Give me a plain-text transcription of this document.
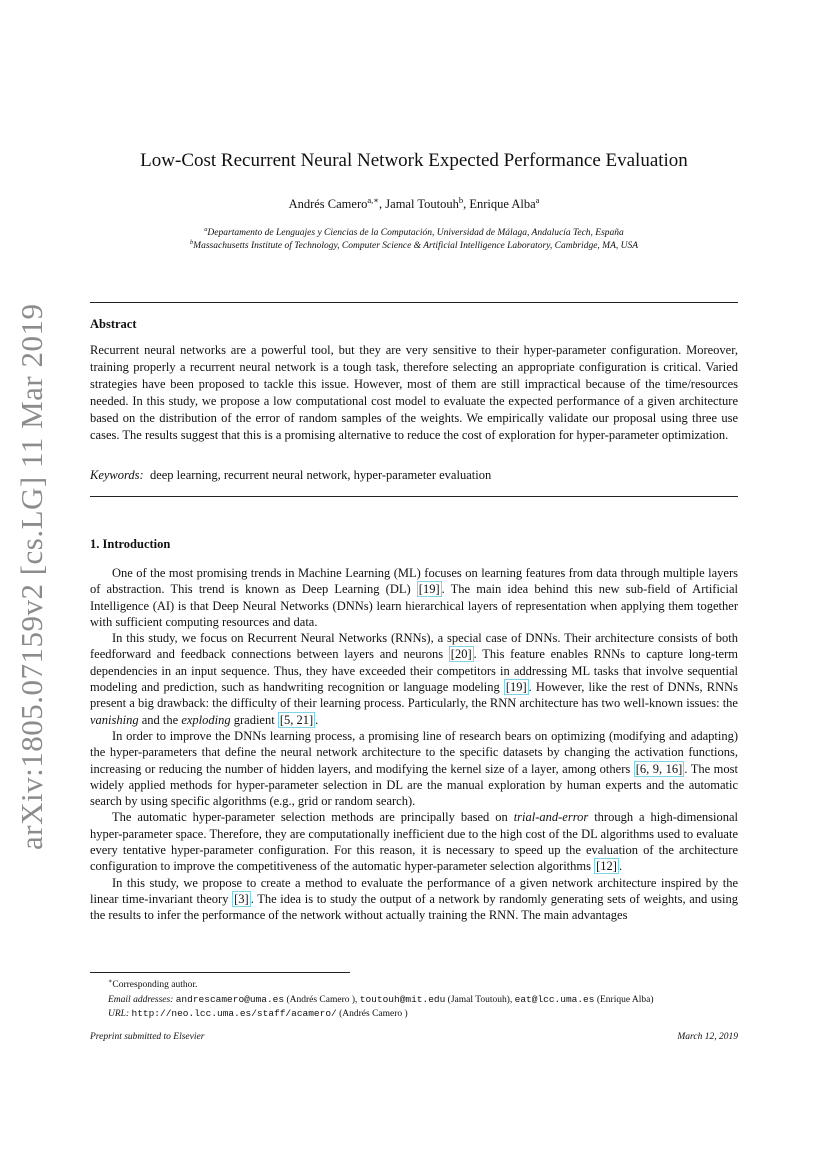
arXiv:1805.07159v2 [cs.LG] 11 Mar 2019
Low-Cost Recurrent Neural Network Expected Performance Evaluation
Andrés Camero$^{a,∗}$, Jamal Toutouh$^b$, Enrique Alba$^a$
$^a$Departamento de Lenguajes y Ciencias de la Computación, Universidad de Málaga, Andalucía Tech, España
$^b$Massachusetts Institute of Technology, Computer Science & Artificial Intelligence Laboratory, Cambridge, MA, USA
Abstract
Recurrent neural networks are a powerful tool, but they are very sensitive to their hyper-parameter configuration. Moreover, training properly a recurrent neural network is a tough task, therefore selecting an appropriate configuration is critical. Varied strategies have been proposed to tackle this issue. However, most of them are still impractical because of the time/resources needed. In this study, we propose a low computational cost model to evaluate the expected performance of a given architecture based on the distribution of the error of random samples of the weights. We empirically validate our proposal using three use cases. The results suggest that this is a promising alternative to reduce the cost of exploration for hyper-parameter optimization.
Keywords: deep learning, recurrent neural network, hyper-parameter evaluation
1. Introduction

One of the most promising trends in Machine Learning (ML) focuses on learning features from data through multiple layers of abstraction. This trend is known as Deep Learning (DL) [19] . The main idea behind this new sub-field of Artificial Intelligence (AI) is that Deep Neural Networks (DNNs) learn hierarchical layers of representation when applying them together with sufficient computing resources and data.

In this study, we focus on Recurrent Neural Networks (RNNs), a special case of DNNs. Their architecture consists of both feedforward and feedback connections between layers and neurons [20] . This feature enables RNNs to capture long-term dependencies in an input sequence. Thus, they have exceeded their competitors in addressing ML tasks that involve sequential modeling and prediction, such as handwriting recognition or language modeling [19] . However, like the rest of DNNs, RNNs present a big drawback: the difficulty of their learning process. Particularly, the RNN architecture has two well-known issues: the vanishing and the exploding gradient [5, 21] .

In order to improve the DNNs learning process, a promising line of research bears on optimizing (modifying and adapting) the hyper-parameters that define the neural network architecture to the specific datasets by changing the activation functions, increasing or reducing the number of hidden layers, and modifying the kernel size of a layer, among others [6, 9, 16] . The most widely applied methods for hyper-parameter selection in DL are the manual exploration by human experts and the automatic search by using specific algorithms (e.g., grid or random search).

The automatic hyper-parameter selection methods are principally based on trial-and-error through a high-dimensional hyper-parameter space. Therefore, they are computationally inefficient due to the high cost of the DL algorithms used to evaluate every tentative hyper-parameter configuration. For this reason, it is necessary to speed up the evaluation of the architecture configuration to improve the competitiveness of the automatic hyper-parameter selection algorithms [12] .

In this study, we propose to create a method to evaluate the performance of a given network architecture inspired by the linear time-invariant theory [3] . The idea is to study the output of a network by randomly generating sets of weights, and using the results to infer the performance of the network without actually training the RNN. The main advantages

∗Corresponding author.
Email addresses: andrescamero@uma.es (Andrés Camero ), toutouh@mit.edu (Jamal Toutouh), eat@lcc.uma.es (Enrique Alba)
URL: http://neo.lcc.uma.es/staff/acamero/ (Andrés Camero )
Preprint submitted to Elsevier	March 12, 2019
